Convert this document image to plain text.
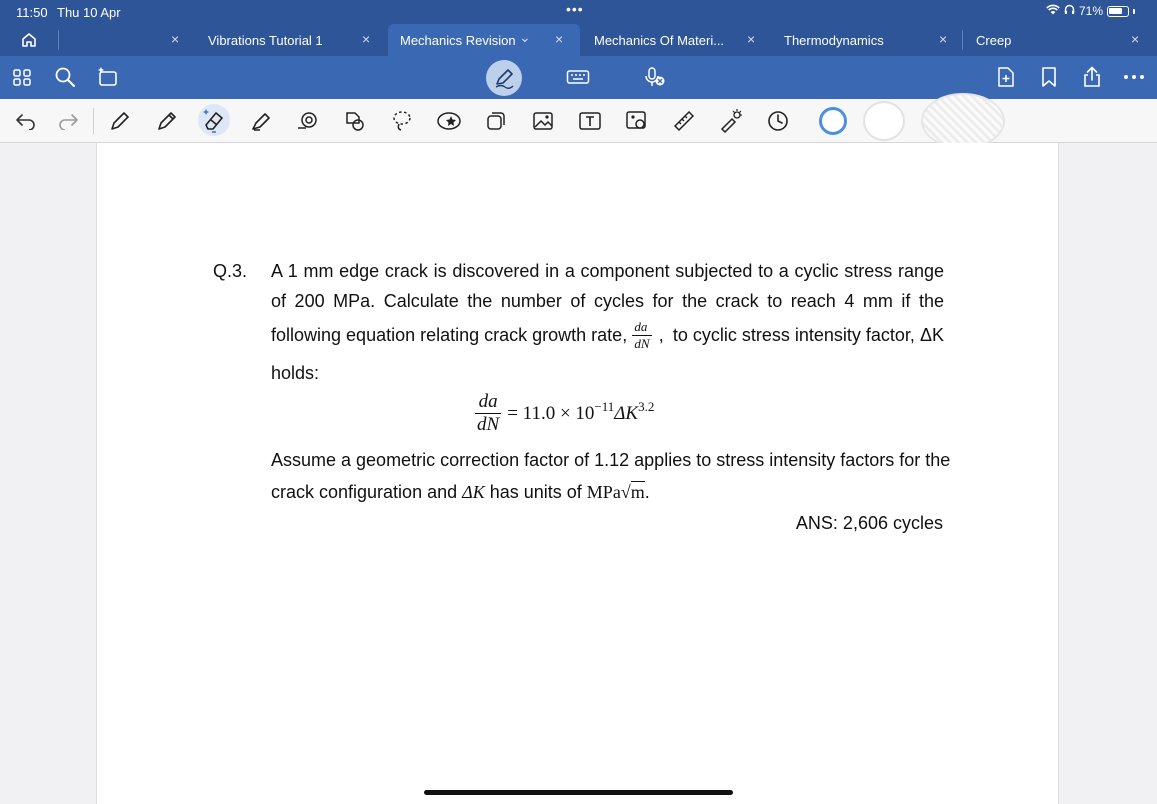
11:50 Thu 10 Apr	•••	71%
× Vibrations Tutorial 1	× Mechanics Revision ⌄ × Mechanics Of Materi... × Thermodynamics	× Creep	×
Q.3. A 1 mm edge crack is discovered in a component subjected to a cyclic stress range
of 200 MPa. Calculate the number of cycles for the crack to reach 4 mm if the
following equation relating crack growth rate, $\frac{da}{dN}$ , to cyclic stress intensity factor, ΔK
holds:
$\frac{da}{dN} = 11.0 \times 10^{-11}$ $\Delta K^{3.2}$
Assume a geometric correction factor of 1.12 applies to stress intensity factors for the
crack configuration and ΔK has units of MPa√m.
ANS: 2,606 cycles
